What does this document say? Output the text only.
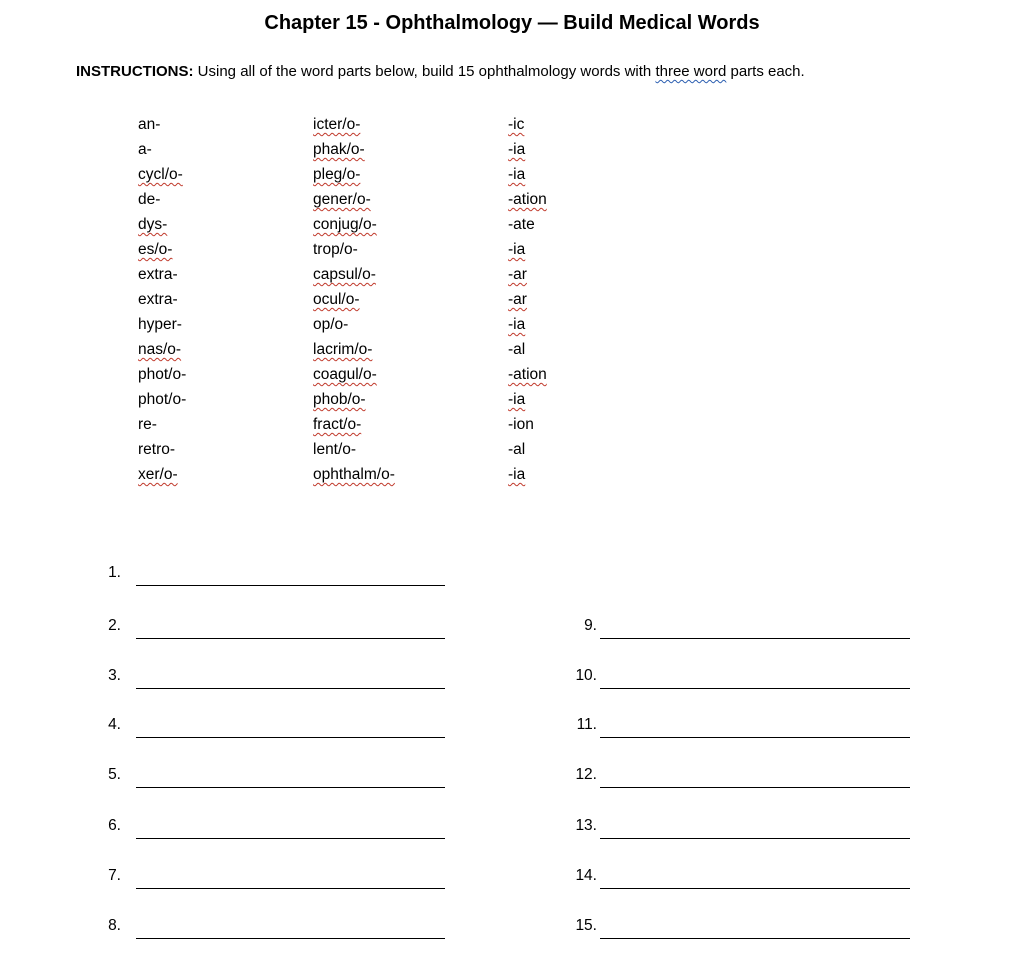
Chapter 15 - Ophthalmology — Build Medical Words
INSTRUCTIONS: Using all of the word parts below, build 15 ophthalmology words with three word parts each.
an-
a-
cycl/o-
de-
dys-
es/o-
extra-
extra-
hyper-
nas/o-
phot/o-
phot/o-
re-
retro-
xer/o-
icter/o-
phak/o-
pleg/o-
gener/o-
conjug/o-
trop/o-
capsul/o-
ocul/o-
op/o-
lacrim/o-
coagul/o-
phob/o-
fract/o-
lent/o-
ophthalm/o-
-ic
-ia
-ia
-ation
-ate
-ia
-ar
-ar
-ia
-al
-ation
-ia
-ion
-al
-ia
1.
2.
3.
4.
5.
6.
7.
8.
9.
10.
11.
12.
13.
14.
15.
